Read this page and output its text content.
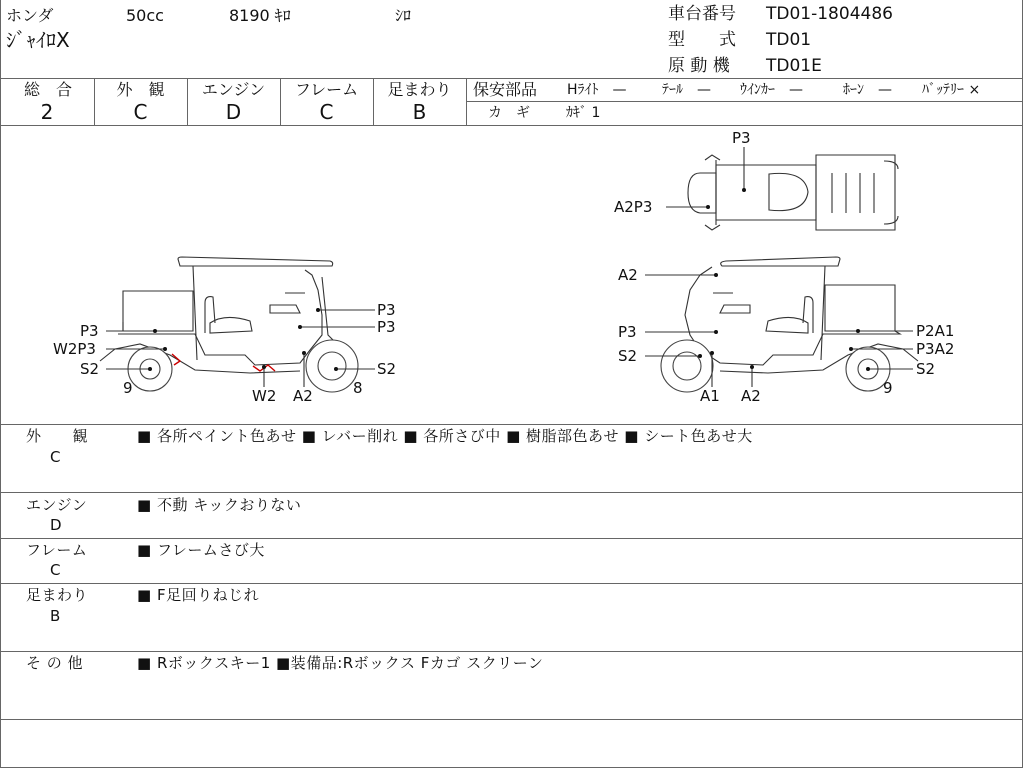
ホンダ	50cc	8190 ｷﾛ	ｼﾛ
ｼﾞｬｲﾛX
車台番号 TD01-1804486
型　　式 TD01
原 動 機 TD01E
総　合
2
外　観
C
エンジン
D
フレーム
C
足まわり
B
保安部品 Hﾗｲﾄ　—	ﾃｰﾙ　— ｳｲﾝｶｰ　—	ﾎｰﾝ　— ﾊﾞｯﾃﾘｰ ×
カ　ギ	ｶｷﾞ 1
P3
P3
P3
W2P3
S2	S2
W2 A2
9	8
P3
A2P3
A2
P3
S2
A1 A2
P2A1
P3A2
S2
9
外　　観
C
■ 各所ペイント色あせ ■ レバー削れ ■ 各所さび中 ■ 樹脂部色あせ ■ シート色あせ大
エンジン
D
■ 不動 キックおりない
フレーム
C
■ フレームさび大
足まわり
B
■ F足回りねじれ
そ の 他	■ Rボックスキー1 ■装備品:Rボックス Fカゴ スクリーン
